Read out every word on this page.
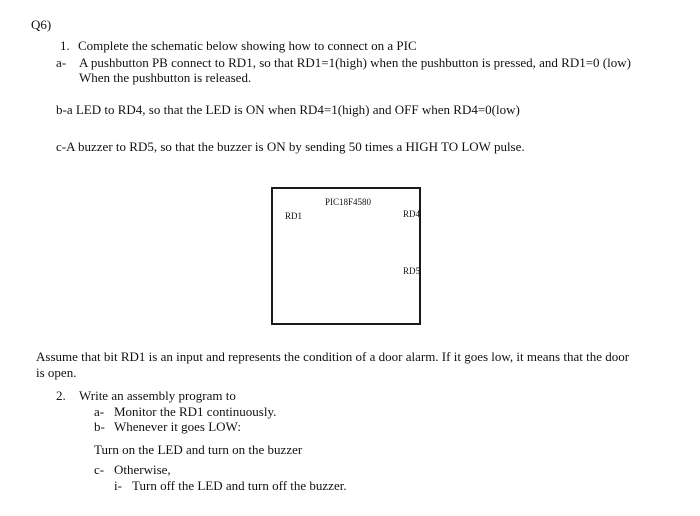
Q6)
1. Complete the schematic below showing how to connect on a PIC
a- A pushbutton PB connect to RD1, so that RD1=1(high) when the pushbutton is pressed, and RD1=0 (low)
When the pushbutton is released.
b-a LED to RD4, so that the LED is ON when RD4=1(high) and OFF when RD4=0(low)
c-A buzzer to RD5, so that the buzzer is ON by sending 50 times a HIGH TO LOW pulse.
PIC18F4580
RD1	RD4
RD5
Assume that bit RD1 is an input and represents the condition of a door alarm. If it goes low, it means that the door
is open.
2. Write an assembly program to
a- Monitor the RD1 continuously.
b- Whenever it goes LOW:
Turn on the LED and turn on the buzzer
c- Otherwise,
i- Turn off the LED and turn off the buzzer.
